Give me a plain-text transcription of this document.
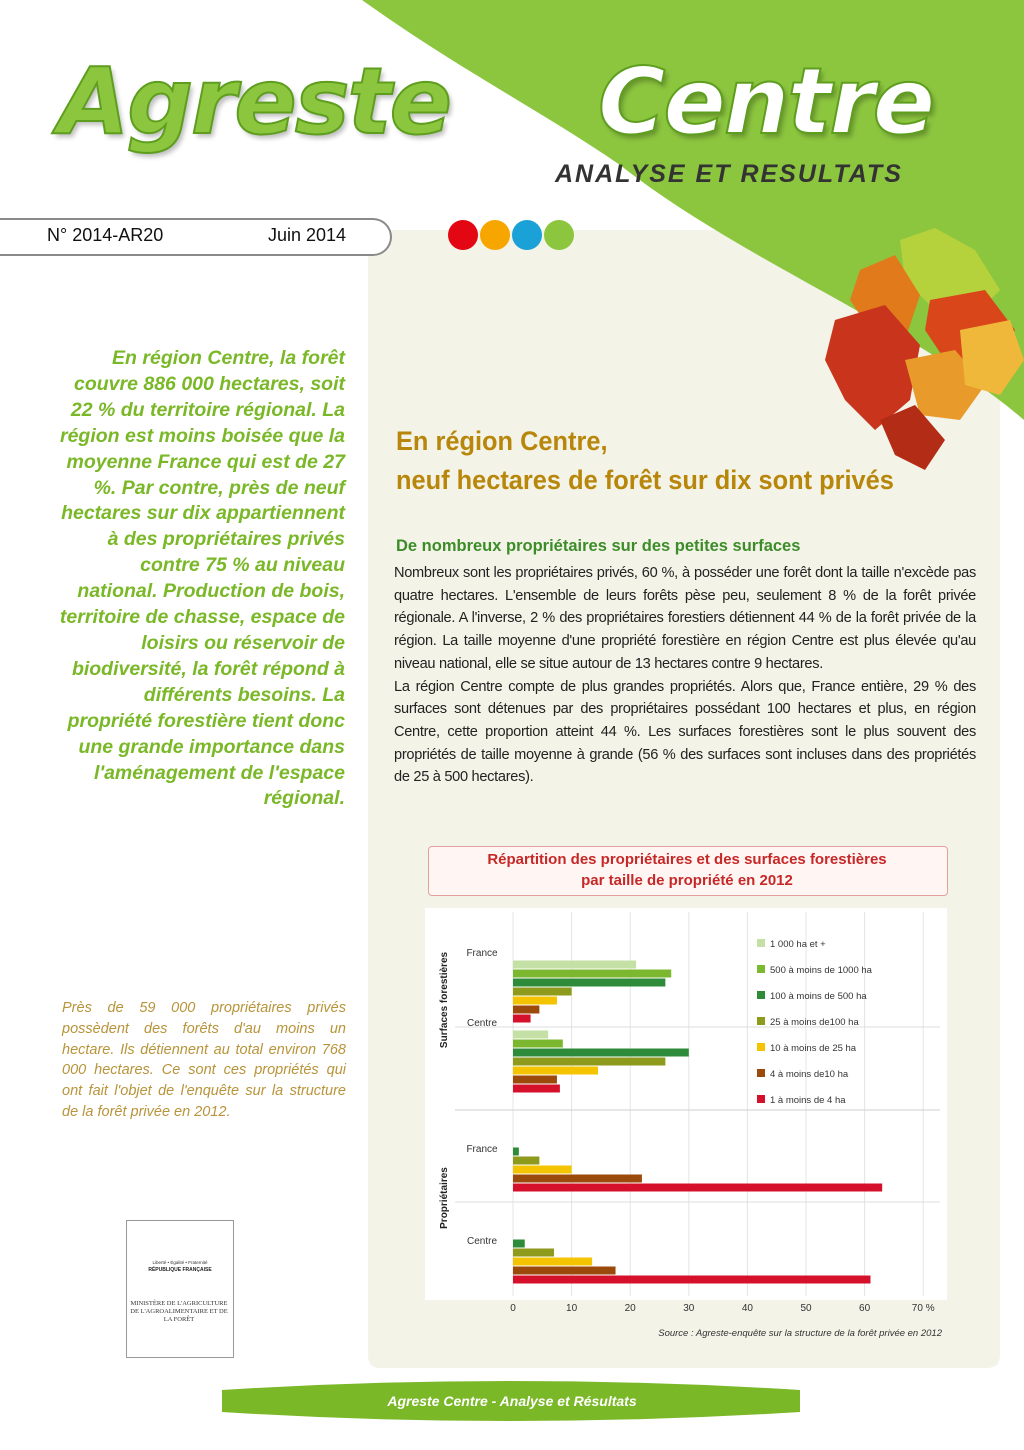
0	10	20	30	40	50	60	70 %
France
Centre
France
Centre
Surfaces forestières
Propriétaires
1 000 ha et +
500 à moins de 1000 ha
100 à moins de 500 ha
25 à moins de100 ha
10 à moins de 25 ha
4 à moins de10 ha
1 à moins de 4 ha
Source : Agreste-enquête sur la structure de la forêt privée en 2012
Agreste Centre
ANALYSE ET RESULTATS
N° 2014-AR20	Juin 2014
En région Centre, la forêt couvre 886 000 hectares, soit 22 % du territoire régional. La région est moins boisée que la moyenne France qui est de 27 %. Par contre, près de neuf hectares sur dix appartiennent à des propriétaires privés contre 75 % au niveau national. Production de bois, territoire de chasse, espace de loisirs ou réservoir de biodiversité, la forêt répond à différents besoins. La propriété forestière tient donc une grande importance dans l'aménagement de l'espace régional.
En région Centre,
neuf hectares de forêt sur dix sont privés
De nombreux propriétaires sur des petites surfaces

Nombreux sont les propriétaires privés, 60 %, à posséder une forêt dont la taille n'excède pas quatre hectares. L'ensemble de leurs forêts pèse peu, seulement 8 % de la forêt privée régionale. A l'inverse, 2 % des propriétaires forestiers détiennent 44 % de la forêt privée de la région. La taille moyenne d'une propriété forestière en région Centre est plus élevée qu'au niveau national, elle se situe autour de 13 hectares contre 9 hectares.

La région Centre compte de plus grandes propriétés. Alors que, France entière, 29 % des surfaces sont détenues par des propriétaires possédant 100 hectares et plus, en région Centre, cette proportion atteint 44 %. Les surfaces forestières sont le plus souvent des propriétés de taille moyenne à grande (56 % des surfaces sont incluses dans des propriétés de 25 à 500 hectares).

Près de 59 000 propriétaires privés possèdent des forêts d'au moins un hectare. Ils détiennent au total environ 768 000 hectares. Ce sont ces propriétés qui ont fait l'objet de l'enquête sur la structure de la forêt privée en 2012.
Répartition des propriétaires et des surfaces forestières
par taille de propriété en 2012
Liberté • Égalité • Fraternité
RÉPUBLIQUE FRANÇAISE
MINISTÈRE DE L'AGRICULTURE DE L'AGROALIMENTAIRE ET DE LA FORÊT
Agreste Centre - Analyse et Résultats
